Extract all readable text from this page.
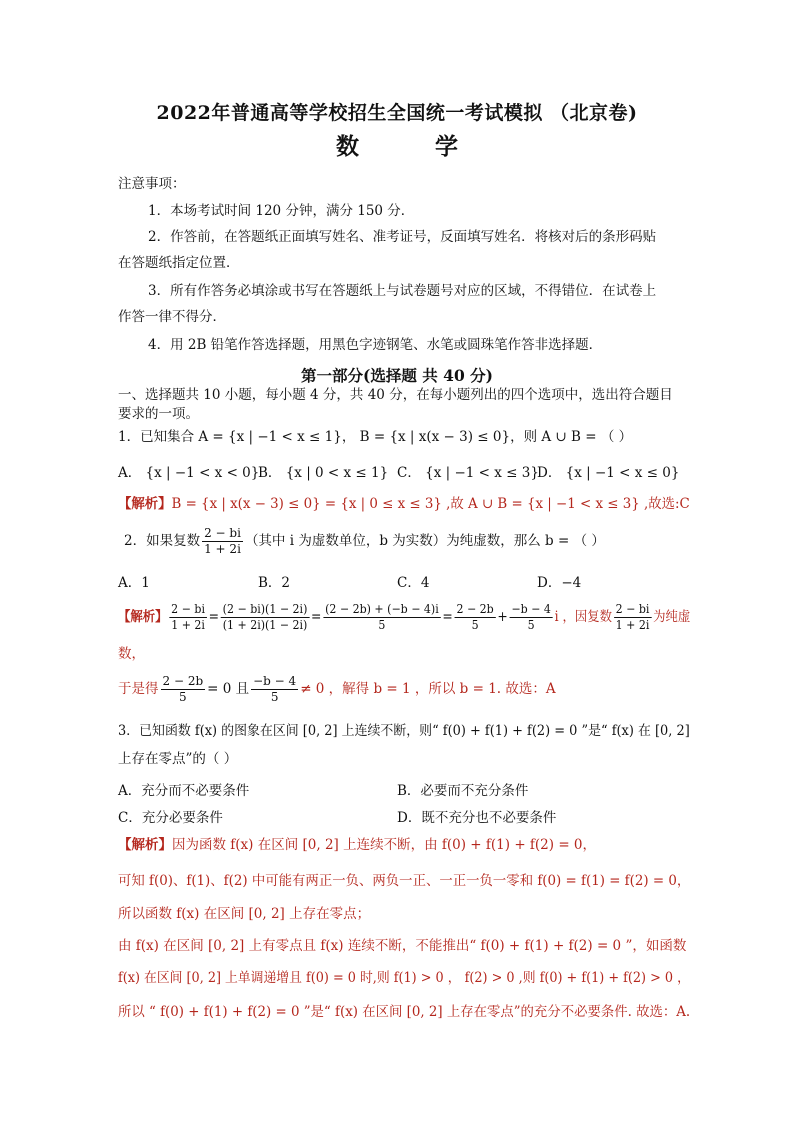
2022年普通高等学校招生全国统一考试模拟 （北京卷)
数 学
注意事项：
1．本场考试时间 120 分钟，满分 150 分．
2．作答前，在答题纸正面填写姓名、准考证号，反面填写姓名．将核对后的条形码贴
在答题纸指定位置．
3．所有作答务必填涂或书写在答题纸上与试卷题号对应的区域，不得错位．在试卷上
作答一律不得分．
4．用 2B 铅笔作答选择题，用黑色字迹钢笔、水笔或圆珠笔作答非选择题．
第一部分(选择题 共 40 分)
一、选择题共 10 小题，每小题 4 分，共 40 分，在每小题列出的四个选项中，选出符合题目
要求的一项。
1．已知集合 A = {x | −1 < x ≤ 1}， B = {x | x(x − 3) ≤ 0}，则 A ∪ B = （ ）
A． {x | −1 < x < 0}
B． {x | 0 < x ≤ 1} C． {x | −1 < x ≤ 3}
D． {x | −1 < x ≤ 0}
【解析】B = {x | x(x − 3) ≤ 0} = {x | 0 ≤ x ≤ 3} ,故 A ∪ B = {x | −1 < x ≤ 3} ,故选:C
2．如果复数 $\frac{2 - bi}{1 + 2i}$ （其中 i 为虚数单位，b 为实数）为纯虚数，那么 b = （ ）
A．1	B．2	C．4	D．−4
【解析】 $\frac{2 - bi}{1 + 2i} = \frac{(2 - bi)(1 - 2i)}{(1 + 2i)(1 - 2i)} = \frac{(2 - 2b) + (-b - 4)i}{5} = \frac{2 - 2b}{5} + \frac{-b - 4}{5}$ i ，因复数 $\frac{2 - bi}{1 + 2i}$ 为纯虚
数，
于是得 $\frac{2 - 2b}{5} = 0$ 且 $\frac{-b - 4}{5} \ne 0$ ，解得 b = 1 ，所以 b = 1. 故选：A
3．已知函数 f(x) 的图象在区间 [0, 2] 上连续不断，则“ f(0) + f(1) + f(2) = 0 ”是“ f(x) 在 [0, 2]
上存在零点”的（ ）
A．充分而不必要条件	B．必要而不充分条件
C．充分必要条件	D．既不充分也不必要条件
【解析】因为函数 f(x) 在区间 [0, 2] 上连续不断，由 f(0) + f(1) + f(2) = 0，
可知 f(0)、f(1)、f(2) 中可能有两正一负、两负一正、一正一负一零和 f(0) = f(1) = f(2) = 0，
所以函数 f(x) 在区间 [0, 2] 上存在零点；
由 f(x) 在区间 [0, 2] 上有零点且 f(x) 连续不断，不能推出“ f(0) + f(1) + f(2) = 0 ”，如函数
f(x) 在区间 [0, 2] 上单调递增且 f(0) = 0 时,则 f(1) > 0 ， f(2) > 0 ,则 f(0) + f(1) + f(2) > 0 ，
所以 “ f(0) + f(1) + f(2) = 0 ”是“ f(x) 在区间 [0, 2] 上存在零点”的充分不必要条件. 故选：A.
